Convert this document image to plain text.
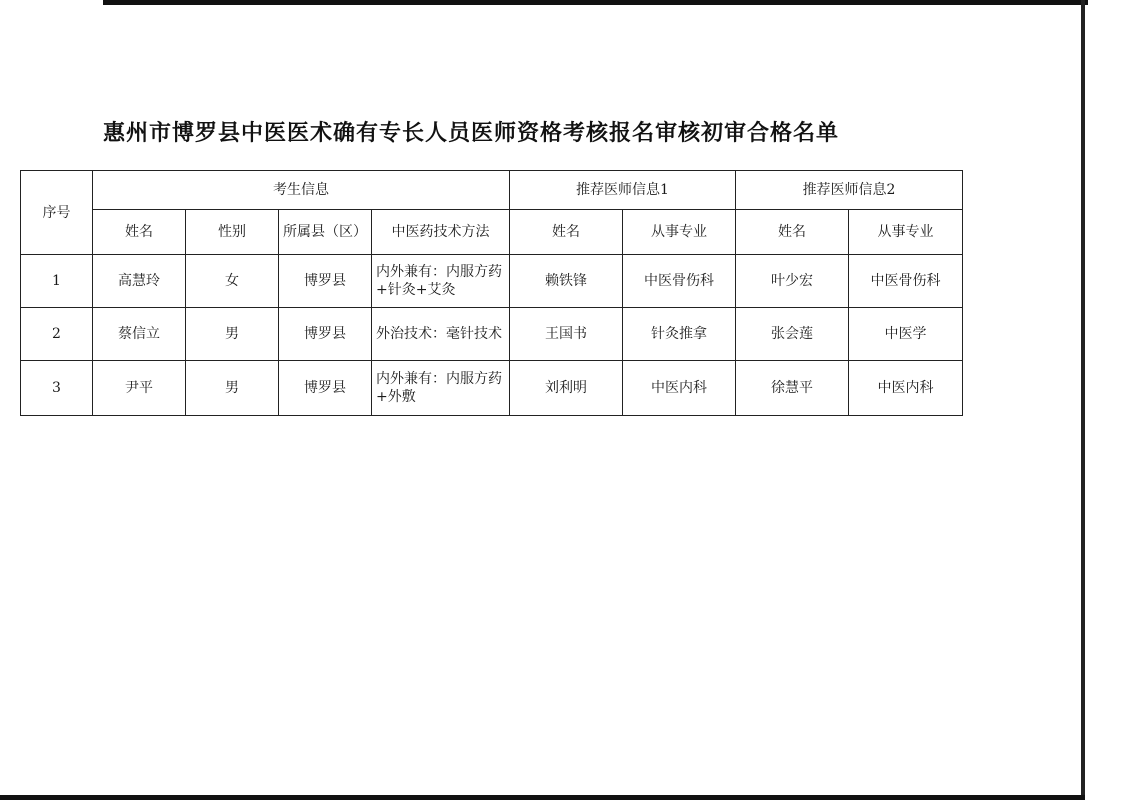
惠州市博罗县中医医术确有专长人员医师资格考核报名审核初审合格名单
序号	考生信息				推荐医师信息1		推荐医师信息2	
	姓名	性别	所属县（区）	中医药技术方法	姓名	从事专业	姓名	从事专业
1	高慧玲	女	博罗县	内外兼有：内服方药+针灸+艾灸	赖铁锋	中医骨伤科	叶少宏	中医骨伤科
2	蔡信立	男	博罗县	外治技术：毫针技术	王国书	针灸推拿	张会莲	中医学
3	尹平	男	博罗县	内外兼有：内服方药+外敷	刘利明	中医内科	徐慧平	中医内科
